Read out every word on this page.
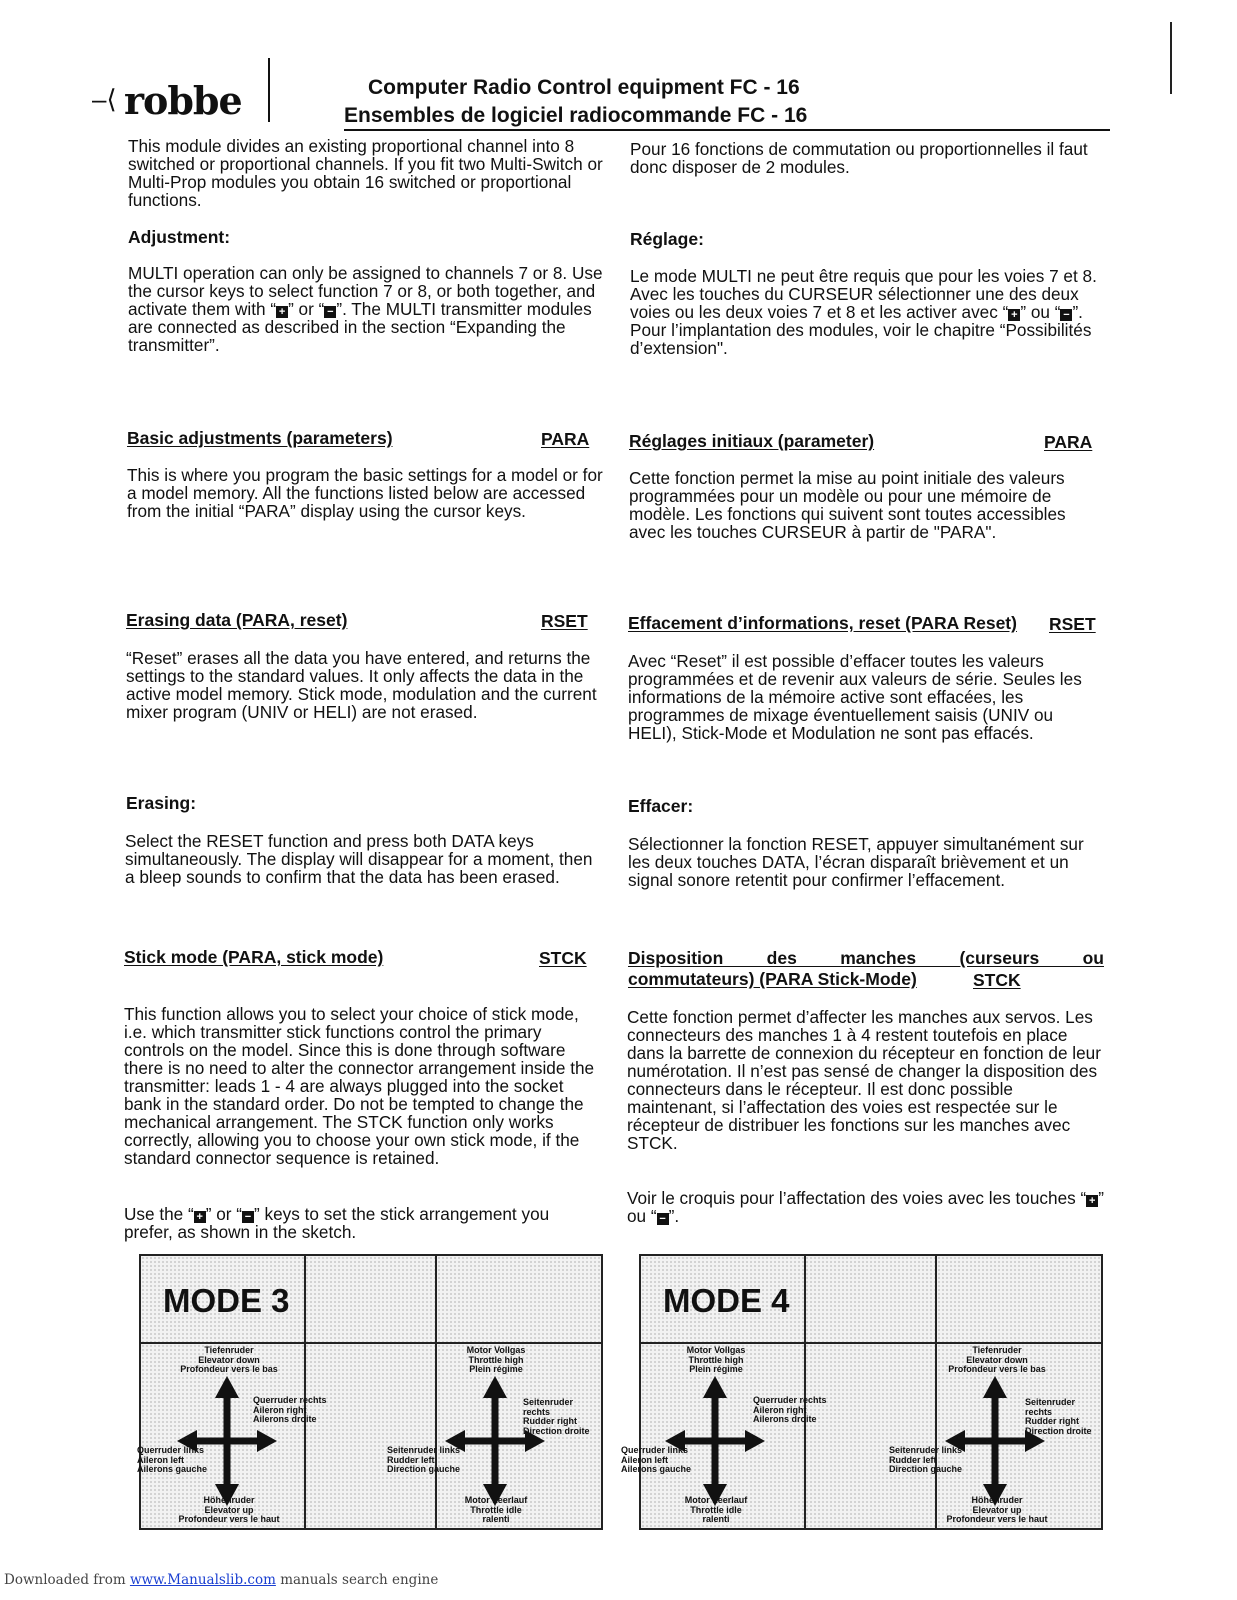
–⟨ robbe	Computer Radio Control equipment FC - 16
Ensembles de logiciel radiocommande FC - 16

This module divides an existing proportional channel into 8 switched or proportional channels. If you fit two Multi-Switch or Multi-Prop modules you obtain 16 switched or proportional functions.

Adjustment:

MULTI operation can only be assigned to channels 7 or 8. Use the cursor keys to select function 7 or 8, or both together, and activate them with “ + ” or “ − ”. The MULTI transmitter modules are connected as described in the section “Expanding the transmitter”.

Basic adjustments (parameters)	PARA

This is where you program the basic settings for a model or for a model memory. All the functions listed below are accessed from the initial “PARA” display using the cursor keys.

Erasing data (PARA, reset)	RSET

“Reset” erases all the data you have entered, and returns the settings to the standard values. It only affects the data in the active model memory. Stick mode, modulation and the current mixer program (UNIV or HELI) are not erased.

Erasing:

Select the RESET function and press both DATA keys simultaneously. The display will disappear for a moment, then a bleep sounds to confirm that the data has been erased.

Stick mode (PARA, stick mode)	STCK

This function allows you to select your choice of stick mode, i.e. which transmitter stick functions control the primary controls on the model. Since this is done through software there is no need to alter the connector arrangement inside the transmitter: leads 1 - 4 are always plugged into the socket bank in the standard order. Do not be tempted to change the mechanical arrangement. The STCK function only works correctly, allowing you to choose your own stick mode, if the standard connector sequence is retained.

Use the “ + ” or “ − ” keys to set the stick arrangement you prefer, as shown in the sketch.

Pour 16 fonctions de commutation ou proportionnelles il faut donc disposer de 2 modules.

Réglage:

Le mode MULTI ne peut être requis que pour les voies 7 et 8. Avec les touches du CURSEUR sélectionner une des deux voies ou les deux voies 7 et 8 et les activer avec “ + ” ou “ − ”. Pour l’implantation des modules, voir le chapitre “Possibilités d’extension".

Réglages initiaux (parameter)	PARA

Cette fonction permet la mise au point initiale des valeurs programmées pour un modèle ou pour une mémoire de modèle. Les fonctions qui suivent sont toutes accessibles avec les touches CURSEUR à partir de "PARA".

Effacement d’informations, reset (PARA Reset) RSET

Avec “Reset” il est possible d’effacer toutes les valeurs programmées et de revenir aux valeurs de série. Seules les informations de la mémoire active sont effacées, les programmes de mixage éventuellement saisis (UNIV ou HELI), Stick-Mode et Modulation ne sont pas effacés.

Effacer:

Sélectionner la fonction RESET, appuyer simultanément sur les deux touches DATA, l’écran disparaît brièvement et un signal sonore retentit pour confirmer l’effacement.

Disposition des manches (curseurs ou
commutateurs) (PARA Stick-Mode)	STCK

Cette fonction permet d’affecter les manches aux servos. Les connecteurs des manches 1 à 4 restent toutefois en place dans la barrette de connexion du récepteur en fonction de leur numérotation. Il n’est pas sensé de changer la disposition des connecteurs dans le récepteur. Il est donc possible maintenant, si l’affectation des voies est respectée sur le récepteur de distribuer les fonctions sur les manches avec STCK.

Voir le croquis pour l’affectation des voies avec les touches “ + ” ou “ − ”.

MODE 3
Tiefenruder
Elevator down
Profondeur vers le bas
Querruder rechts
Aileron right
Ailerons droite
Querruder links
Aileron left
Ailerons gauche
Höhenruder
Elevator up
Profondeur vers le haut
Motor Vollgas
Throttle high
Plein régime
Seitenruder rechts
Rudder right
Direction droite
Seitenruder links
Rudder left
Direction gauche
Motor Leerlauf
Throttle idle
ralenti
MODE 4
Motor Vollgas
Throttle high
Plein régime
Querruder rechts
Aileron right
Ailerons droite
Querruder links
Aileron left
Ailerons gauche
Motor Leerlauf
Throttle idle
ralenti
Tiefenruder
Elevator down
Profondeur vers le bas
Seitenruder rechts
Rudder right
Direction droite
Seitenruder links
Rudder left
Direction gauche
Höhenruder
Elevator up
Profondeur vers le haut
Downloaded from www.Manualslib.com manuals search engine
